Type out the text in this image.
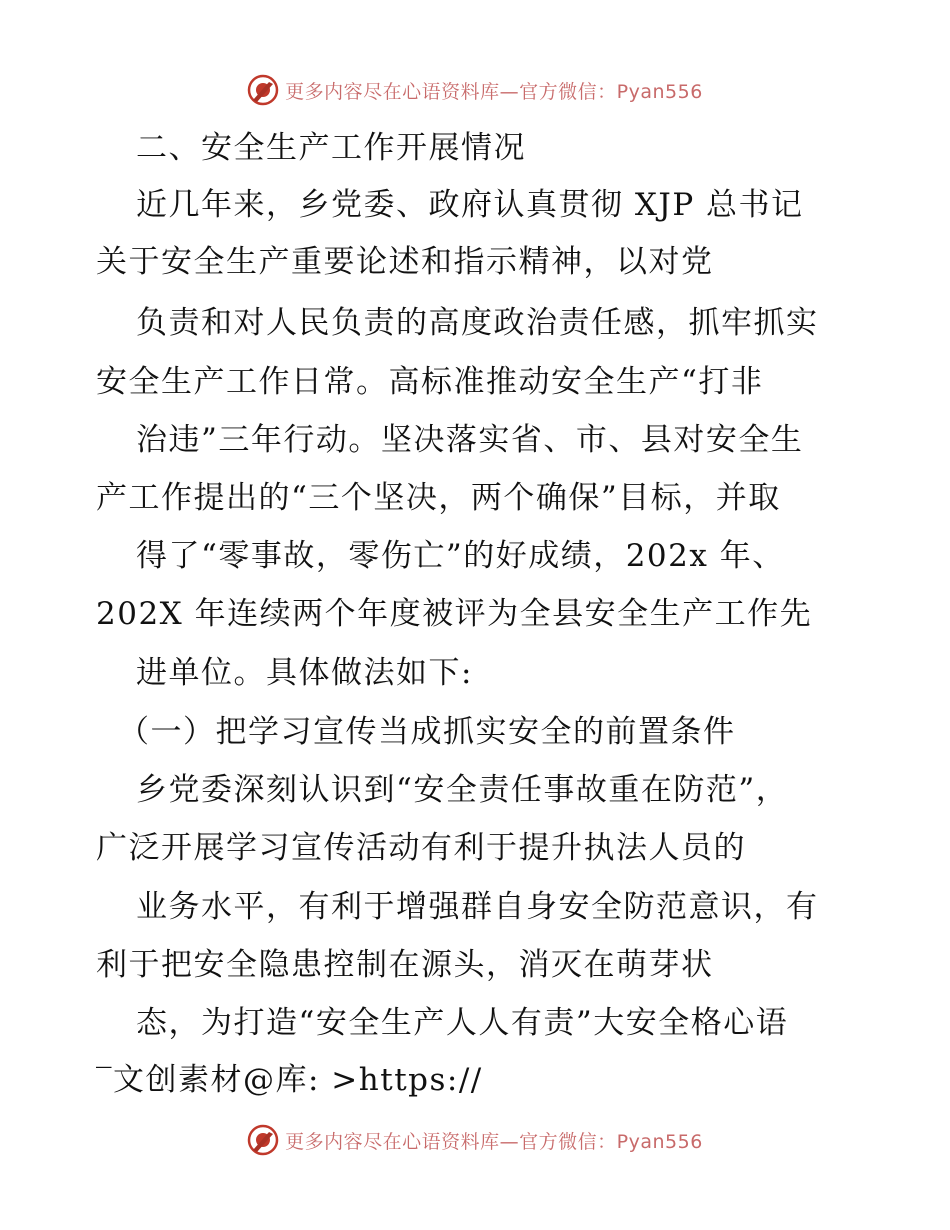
更多内容尽在心语资料库—官方微信：Pyan556
二、安全生产工作开展情况
近几年来，乡党委、政府认真贯彻 XJP 总书记
关于安全生产重要论述和指示精神，以对党
负责和对人民负责的高度政治责任感，抓牢抓实
安全生产工作日常。高标准推动安全生产“打非
治违”三年行动。坚决落实省、市、县对安全生
产工作提出的“三个坚决，两个确保”目标，并取
得了“零事故，零伤亡”的好成绩，202x 年、
202X 年连续两个年度被评为全县安全生产工作先
进单位。具体做法如下:
（一）把学习宣传当成抓实安全的前置条件
乡党委深刻认识到“安全责任事故重在防范”，
广泛开展学习宣传活动有利于提升执法人员的
业务水平，有利于增强群自身安全防范意识，有
利于把安全隐患控制在源头，消灭在萌芽状
态，为打造“安全生产人人有责”大安全格心语
‾文创素材@库: >https://
更多内容尽在心语资料库—官方微信：Pyan556
